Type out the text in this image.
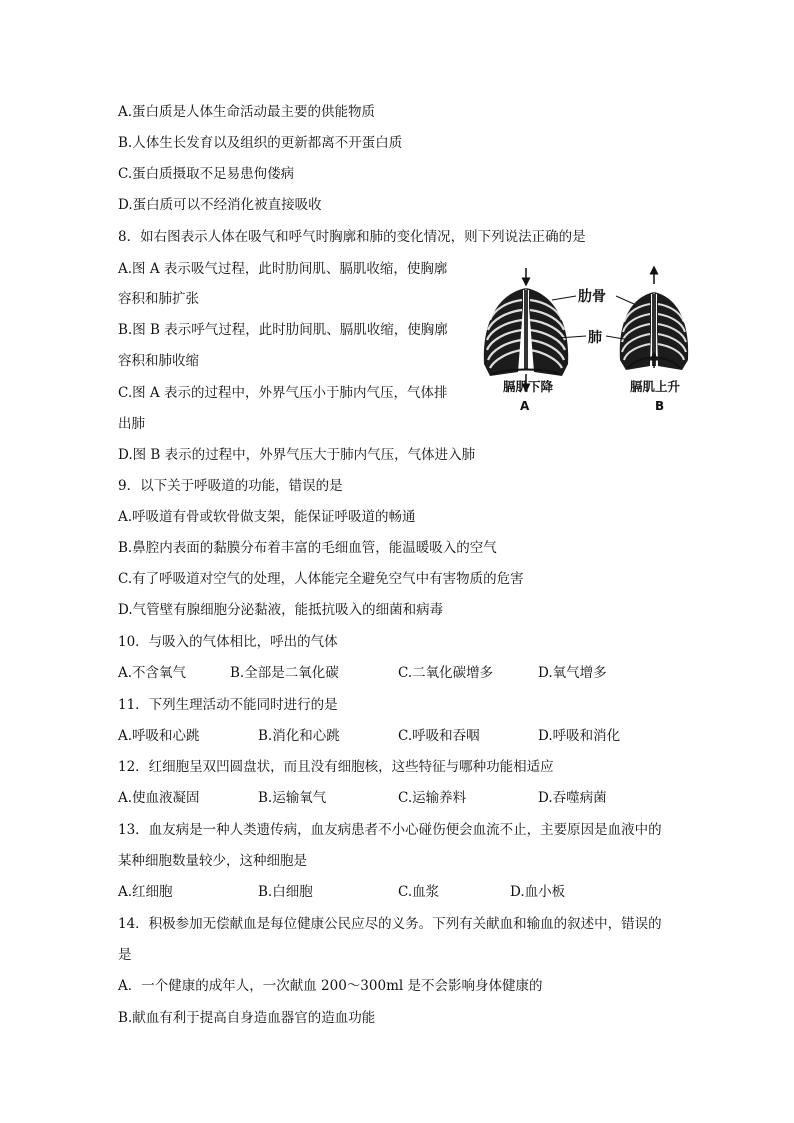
A.蛋白质是人体生命活动最主要的供能物质
B.人体生长发育以及组织的更新都离不开蛋白质
C.蛋白质摄取不足易患佝偻病
D.蛋白质可以不经消化被直接吸收
8．如右图表示人体在吸气和呼气时胸廓和肺的变化情况，则下列说法正确的是
A.图 A 表示吸气过程，此时肋间肌、膈肌收缩，使胸廓
容积和肺扩张
B.图 B 表示呼气过程，此时肋间肌、膈肌收缩，使胸廓
容积和肺收缩
C.图 A 表示的过程中，外界气压小于肺内气压，气体排
出肺
D.图 B 表示的过程中，外界气压大于肺内气压，气体进入肺
肋骨
肺
膈肌下降	膈肌上升
A	B
9．以下关于呼吸道的功能，错误的是
A.呼吸道有骨或软骨做支架，能保证呼吸道的畅通
B.鼻腔内表面的黏膜分布着丰富的毛细血管，能温暖吸入的空气
C.有了呼吸道对空气的处理，人体能完全避免空气中有害物质的危害
D.气管壁有腺细胞分泌黏液，能抵抗吸入的细菌和病毒
10．与吸入的气体相比，呼出的气体
A.不含氧气	B.全部是二氧化碳	C.二氧化碳增多	D.氧气增多
11．下列生理活动不能同时进行的是
A.呼吸和心跳	B.消化和心跳	C.呼吸和吞咽	D.呼吸和消化
12．红细胞呈双凹圆盘状，而且没有细胞核，这些特征与哪种功能相适应
A.使血液凝固	B.运输氧气	C.运输养料	D.吞噬病菌
13．血友病是一种人类遗传病，血友病患者不小心碰伤便会血流不止，主要原因是血液中的
某种细胞数量较少，这种细胞是
A.红细胞	B.白细胞	C.血浆	D.血小板
14．积极参加无偿献血是每位健康公民应尽的义务。下列有关献血和输血的叙述中，错误的
是
A．一个健康的成年人，一次献血 200～300ml 是不会影响身体健康的
B.献血有利于提高自身造血器官的造血功能
